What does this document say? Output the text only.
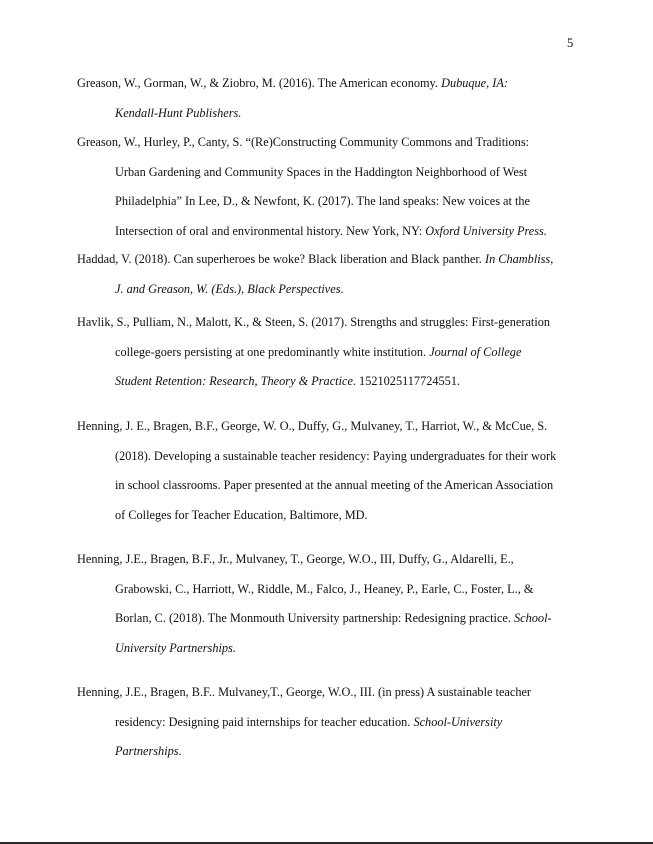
5
Greason, W., Gorman, W., & Ziobro, M. (2016). The American economy. Dubuque, IA:
Kendall-Hunt Publishers.
Greason, W., Hurley, P., Canty, S. “(Re)Constructing Community Commons and Traditions:
Urban Gardening and Community Spaces in the Haddington Neighborhood of West
Philadelphia” In Lee, D., & Newfont, K. (2017). The land speaks: New voices at the
Intersection of oral and environmental history. New York, NY: Oxford University Press.
Haddad, V. (2018). Can superheroes be woke? Black liberation and Black panther. In Chambliss,
J. and Greason, W. (Eds.), Black Perspectives.
Havlik, S., Pulliam, N., Malott, K., & Steen, S. (2017). Strengths and struggles: First-generation
college-goers persisting at one predominantly white institution. Journal of College
Student Retention: Research, Theory & Practice. 1521025117724551.
Henning, J. E., Bragen, B.F., George, W. O., Duffy, G., Mulvaney, T., Harriot, W., & McCue, S.
(2018). Developing a sustainable teacher residency: Paying undergraduates for their work
in school classrooms. Paper presented at the annual meeting of the American Association
of Colleges for Teacher Education, Baltimore, MD.
Henning, J.E., Bragen, B.F., Jr., Mulvaney, T., George, W.O., III, Duffy, G., Aldarelli, E.,
Grabowski, C., Harriott, W., Riddle, M., Falco, J., Heaney, P., Earle, C., Foster, L., &
Borlan, C. (2018). The Monmouth University partnership: Redesigning practice. School-
University Partnerships.
Henning, J.E., Bragen, B.F.. Mulvaney,T., George, W.O., III. (in press) A sustainable teacher
residency: Designing paid internships for teacher education. School-University
Partnerships.
